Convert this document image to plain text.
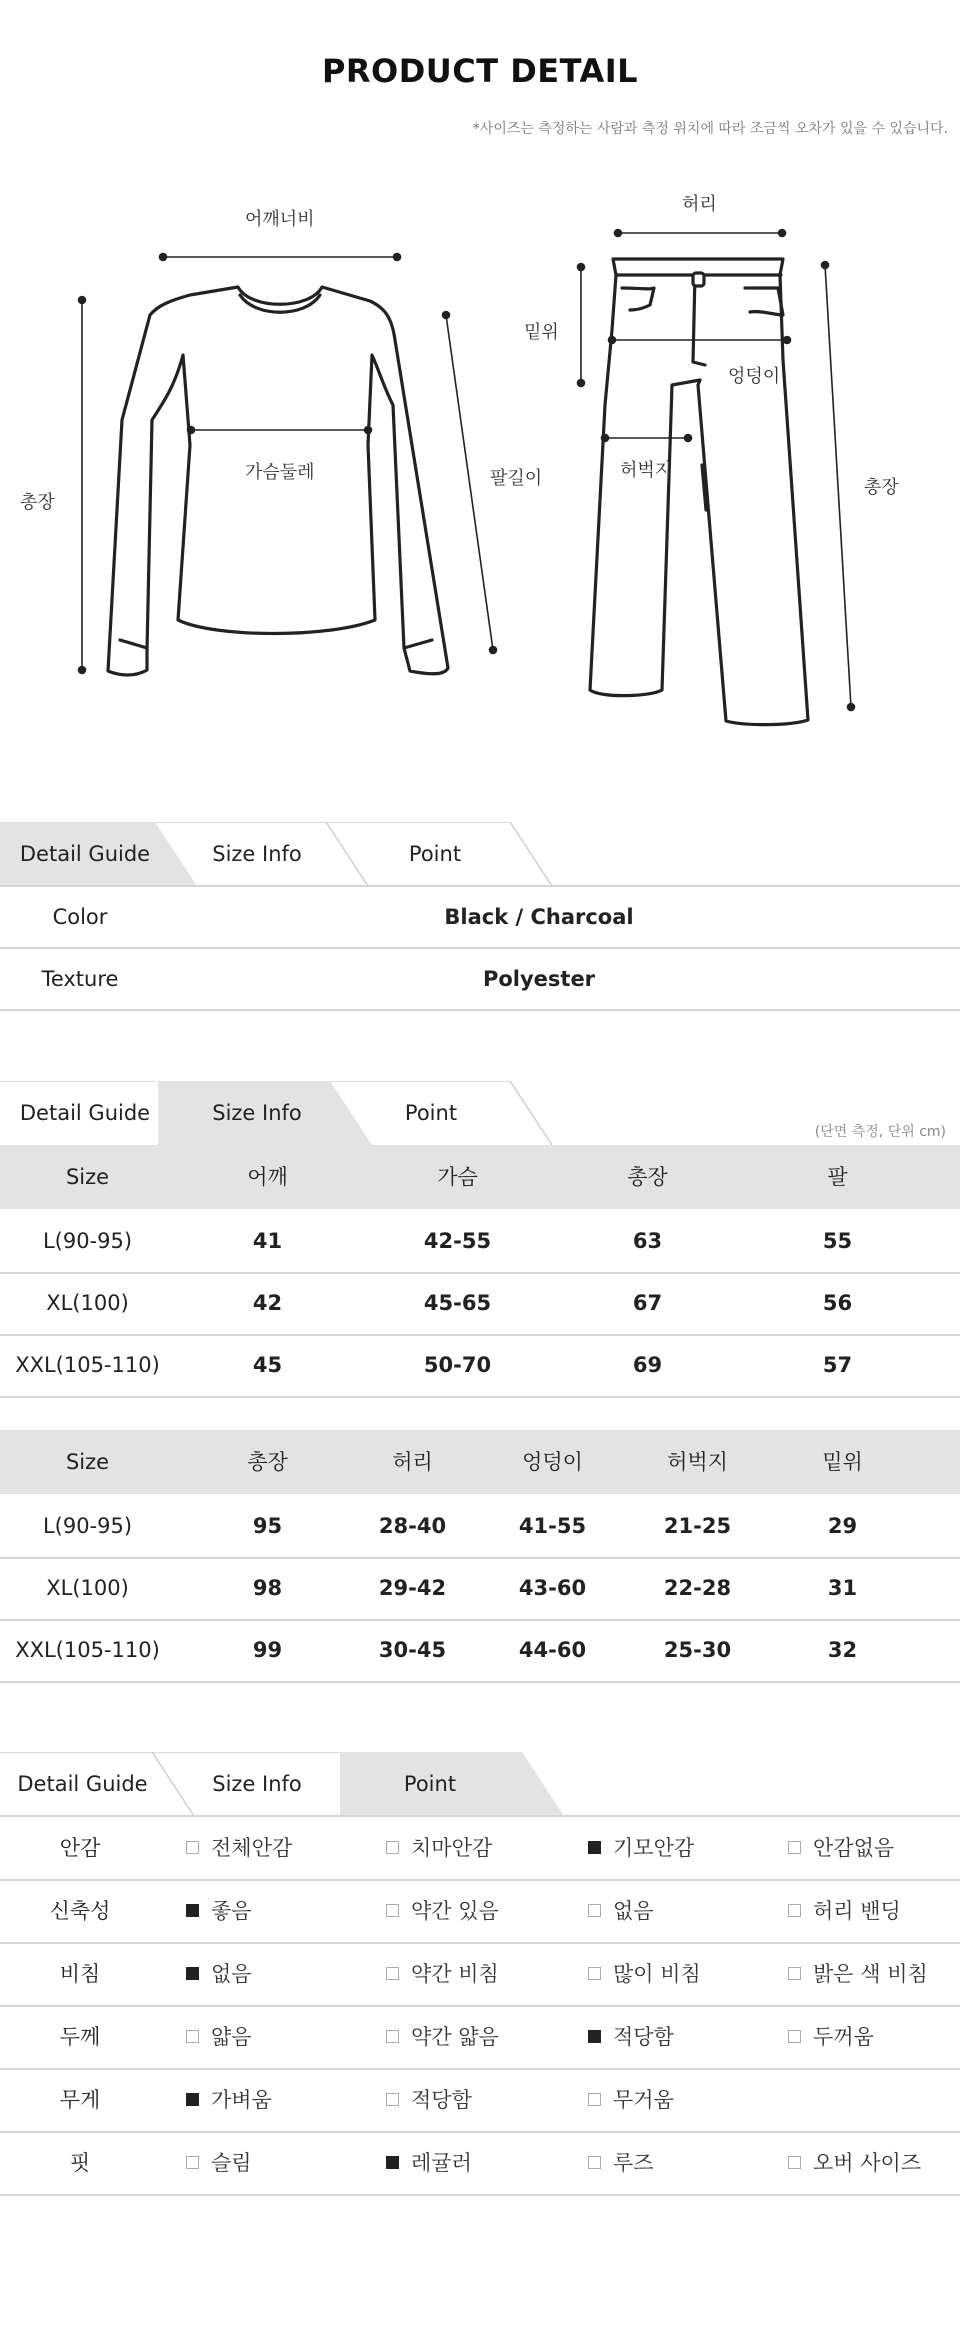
PRODUCT DETAIL
*사이즈는 측정하는 사람과 측정 위치에 따라 조금씩 오차가 있을 수 있습니다.
어깨너비
가슴둘레
총장
팔길이
허리
밑위
엉덩이
허벅지
총장
Detail Guide	Size Info	Point
Color	Black / Charcoal
Texture	Polyester
Detail Guide	Size Info	Point
(단면 측정, 단위 cm)
Size	어깨	가슴	총장	팔
L(90-95)	41	42-55	63	55
XL(100)	42	45-65	67	56
XXL(105-110)	45	50-70	69	57
Size	총장	허리	엉덩이	허벅지	밑위
L(90-95)	95	28-40	41-55	21-25	29
XL(100)	98	29-42	43-60	22-28	31
XXL(105-110)	99	30-45	44-60	25-30	32
Detail Guide	Size Info	Point
안감	전체안감	치마안감	기모안감	안감없음
신축성	좋음	약간 있음	없음	허리 밴딩
비침	없음	약간 비침	많이 비침	밝은 색 비침
두께	얇음	약간 얇음	적당함	두꺼움
무게	가벼움	적당함	무거움
핏	슬림	레귤러	루즈	오버 사이즈
